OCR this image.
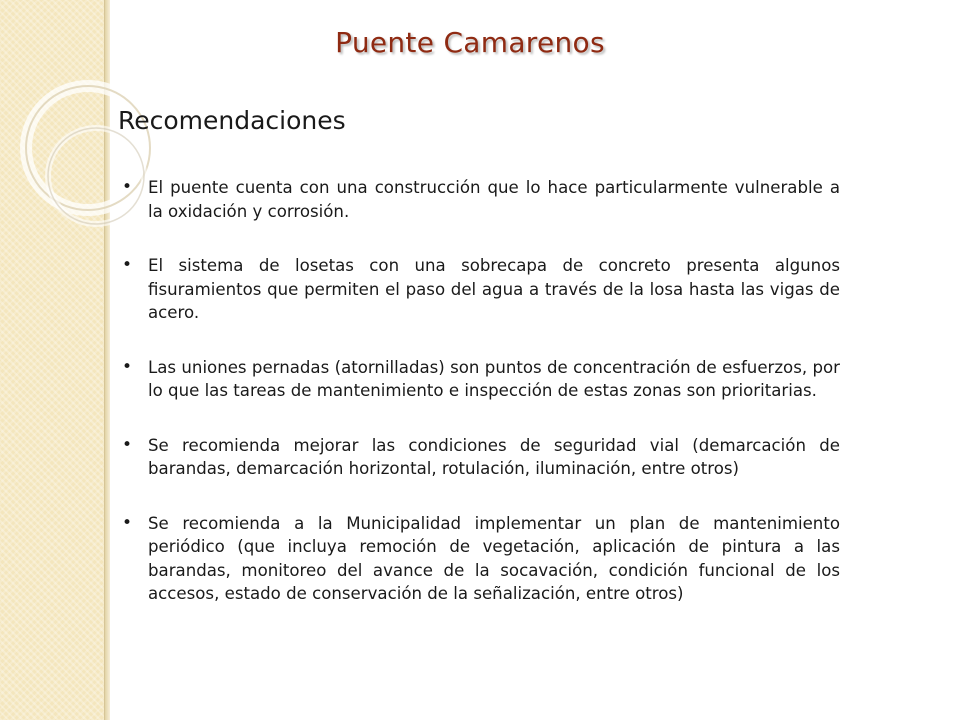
Puente Camarenos
Recomendaciones
• El puente cuenta con una construcción que lo hace particularmente vulnerable a la oxidación y corrosión.
• El sistema de losetas con una sobrecapa de concreto presenta algunos fisuramientos que permiten el paso del agua a través de la losa hasta las vigas de acero.
• Las uniones pernadas (atornilladas) son puntos de concentración de esfuerzos, por lo que las tareas de mantenimiento e inspección de estas zonas son prioritarias.
• Se recomienda mejorar las condiciones de seguridad vial (demarcación de barandas, demarcación horizontal, rotulación, iluminación, entre otros)
• Se recomienda a la Municipalidad implementar un plan de mantenimiento periódico (que incluya remoción de vegetación, aplicación de pintura a las barandas, monitoreo del avance de la socavación, condición funcional de los accesos, estado de conservación de la señalización, entre otros)
